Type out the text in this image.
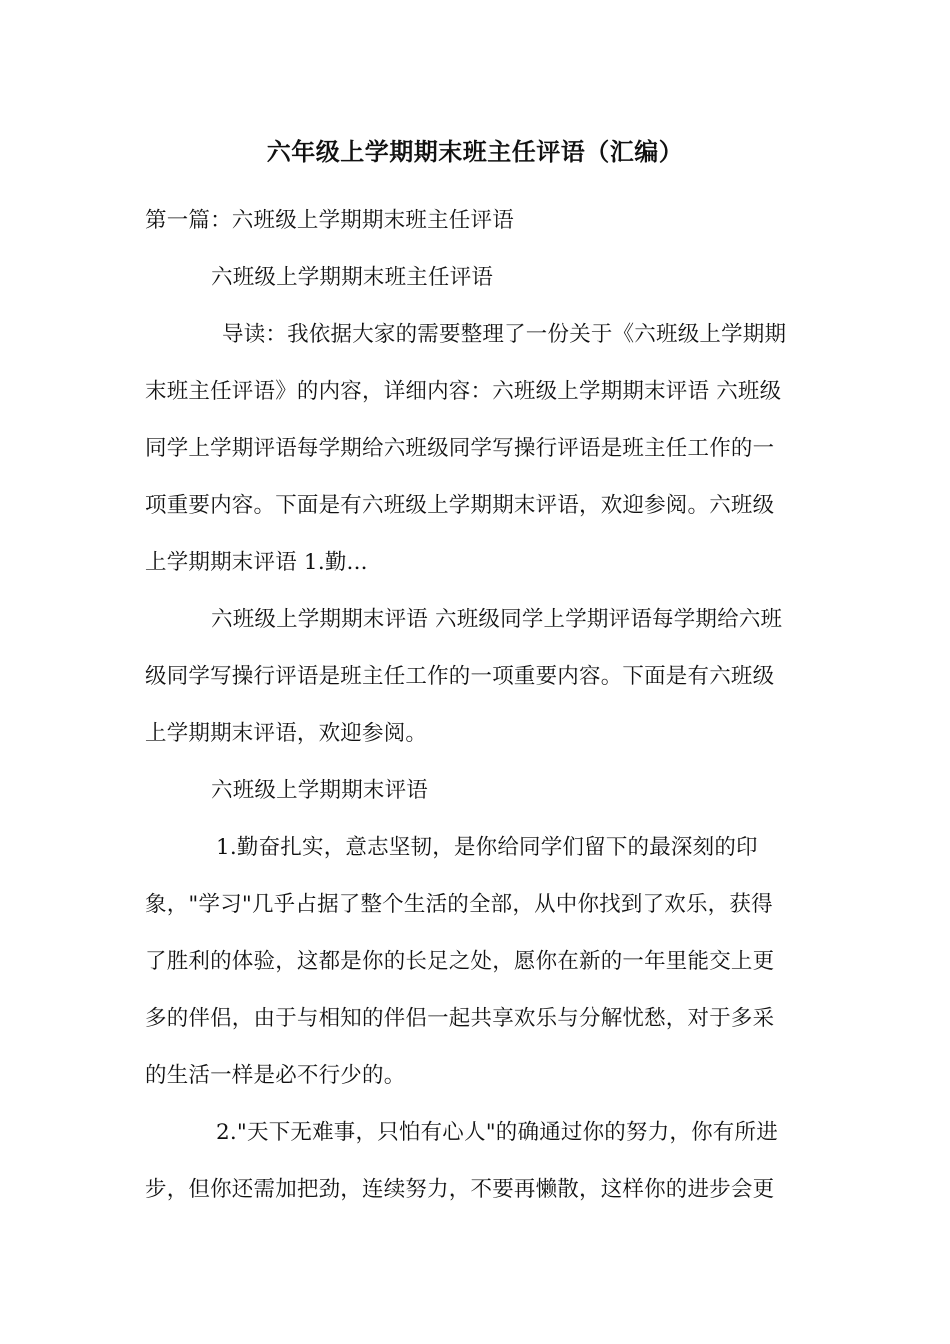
六年级上学期期末班主任评语（汇编）
第一篇：六班级上学期期末班主任评语
六班级上学期期末班主任评语
导读：我依据大家的需要整理了一份关于《六班级上学期期
末班主任评语》的内容，详细内容：六班级上学期期末评语 六班级
同学上学期评语每学期给六班级同学写操行评语是班主任工作的一
项重要内容。下面是有六班级上学期期末评语，欢迎参阅。六班级
上学期期末评语 1.勤...
六班级上学期期末评语 六班级同学上学期评语每学期给六班
级同学写操行评语是班主任工作的一项重要内容。下面是有六班级
上学期期末评语，欢迎参阅。
六班级上学期期末评语
1.勤奋扎实，意志坚韧，是你给同学们留下的最深刻的印
象，"学习"几乎占据了整个生活的全部，从中你找到了欢乐，获得
了胜利的体验，这都是你的长足之处，愿你在新的一年里能交上更
多的伴侣，由于与相知的伴侣一起共享欢乐与分解忧愁，对于多采
的生活一样是必不行少的。
2."天下无难事，只怕有心人"的确通过你的努力，你有所进
步，但你还需加把劲，连续努力，不要再懒散，这样你的进步会更
